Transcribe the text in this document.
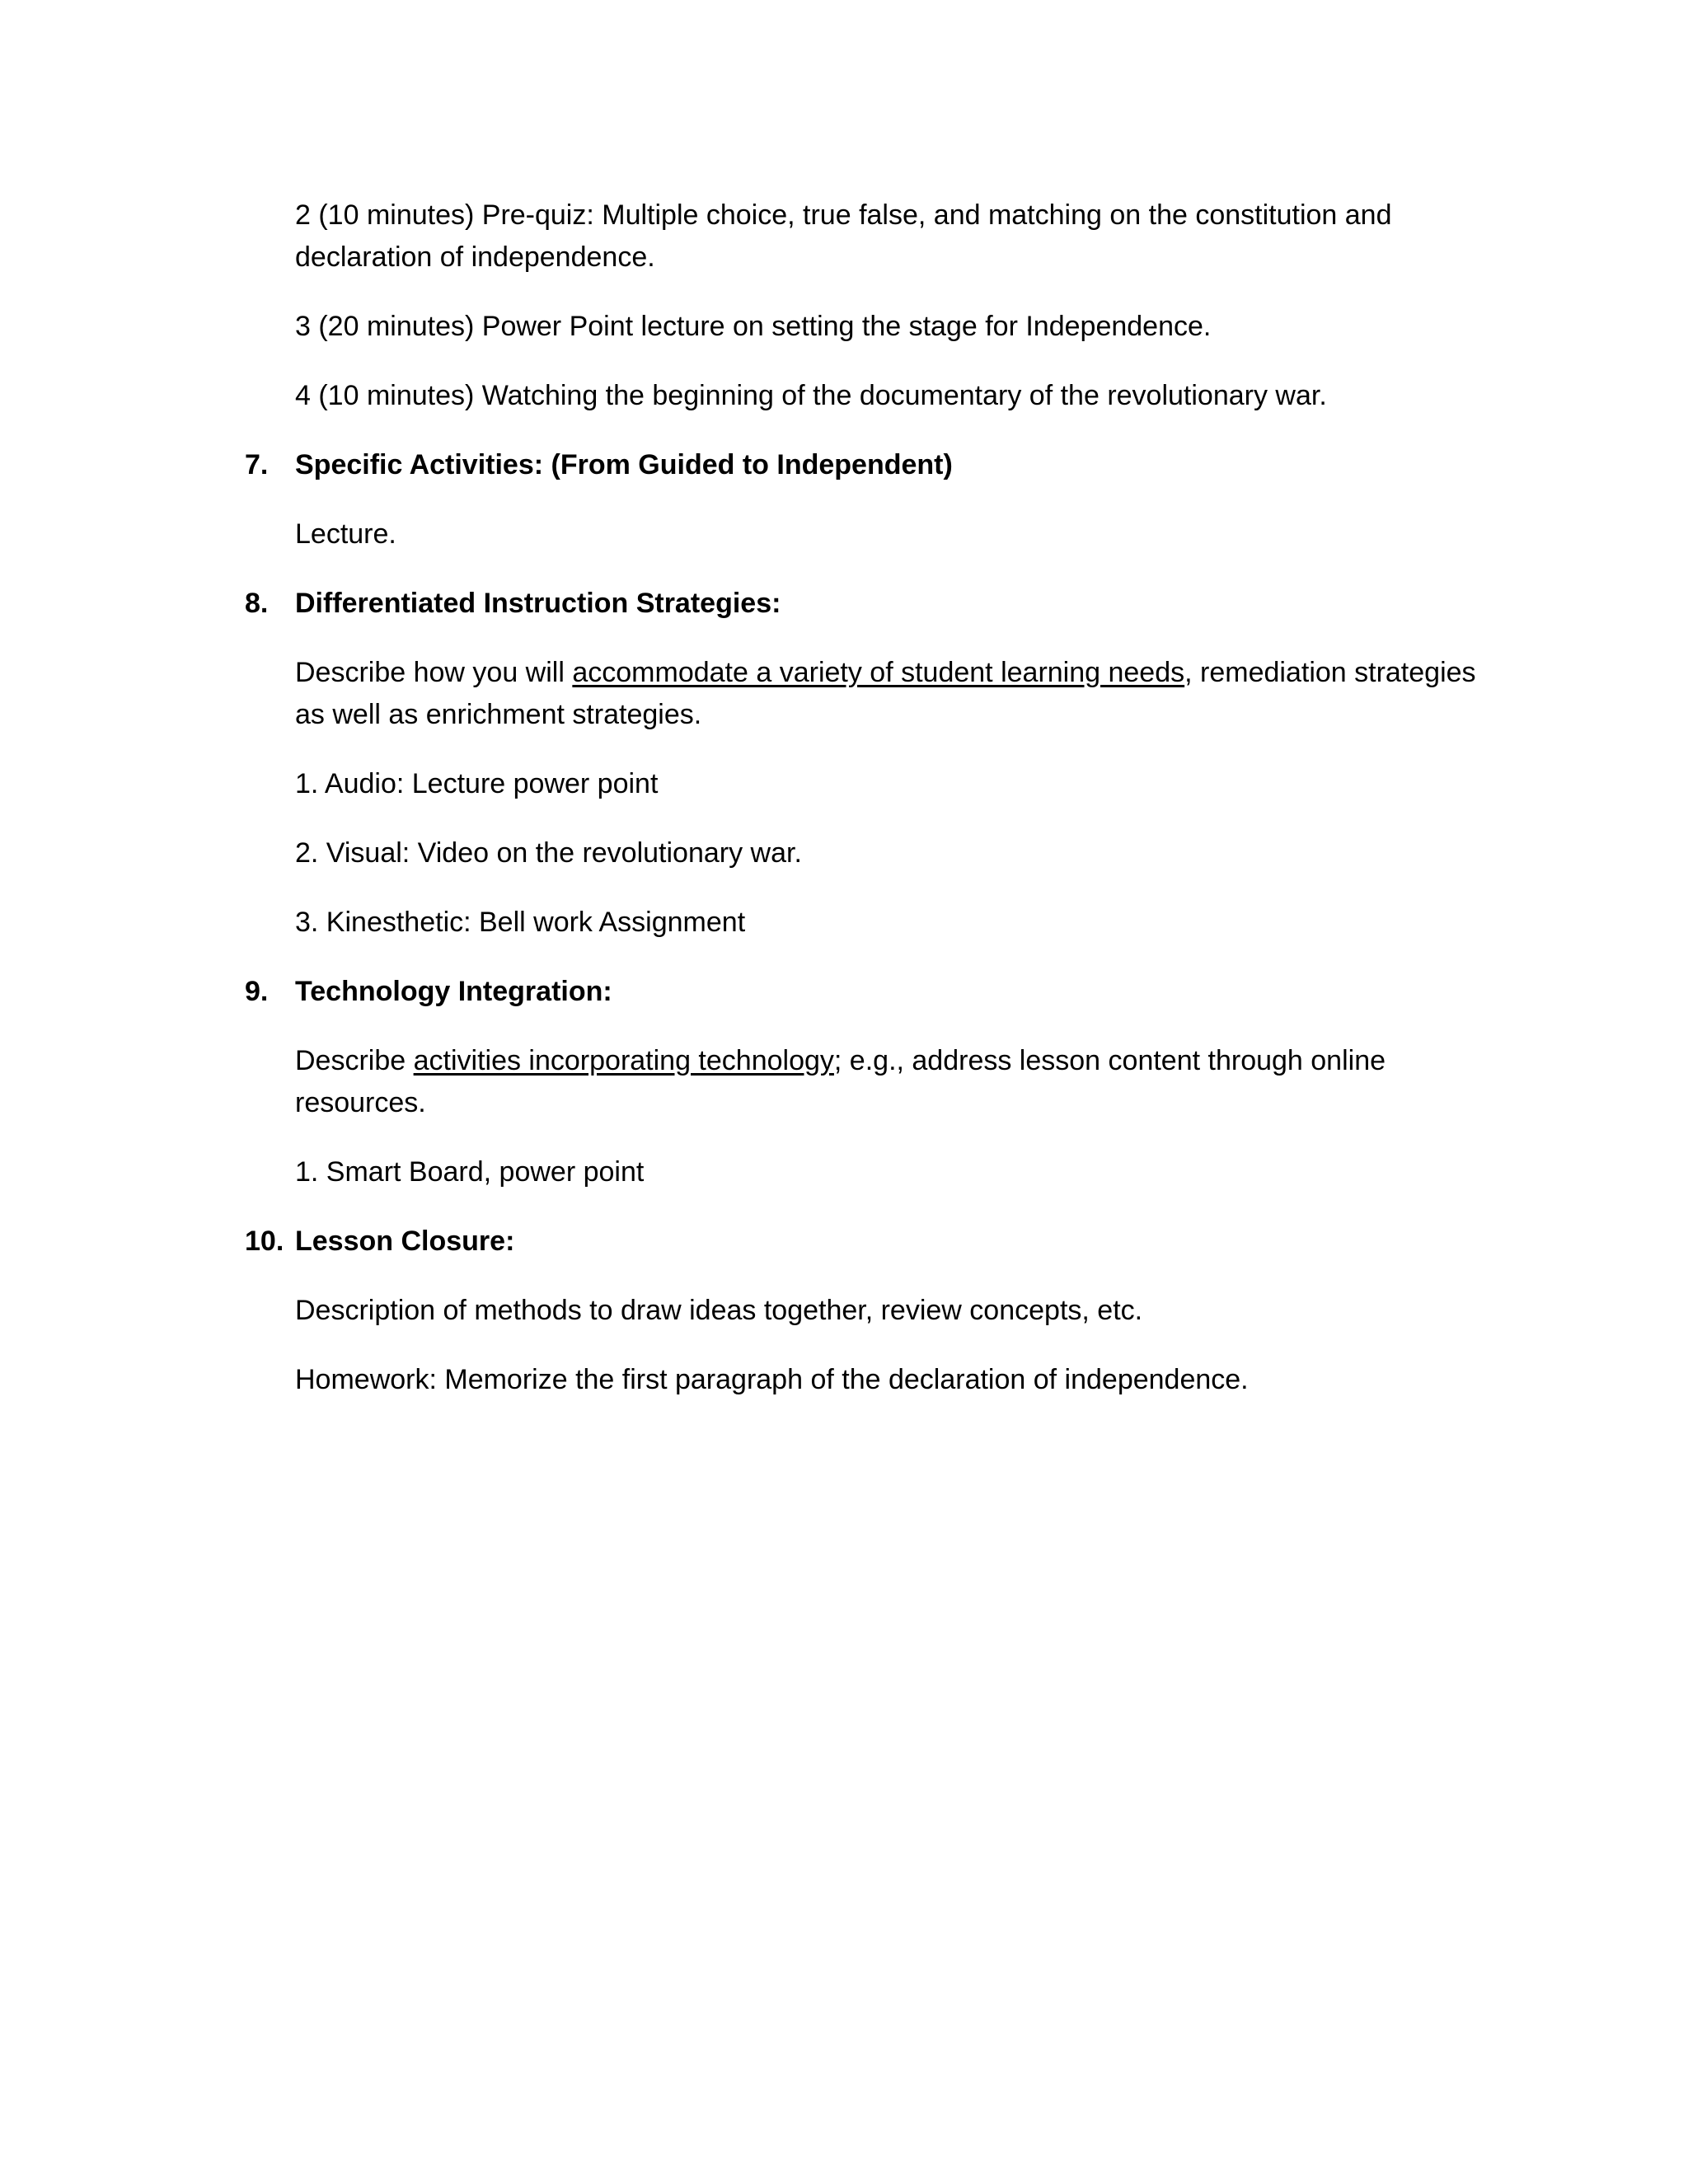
2 (10 minutes) Pre-quiz: Multiple choice, true false, and matching on the constitution and
declaration of independence.
3 (20 minutes) Power Point lecture on setting the stage for Independence.
4 (10 minutes) Watching the beginning of the documentary of the revolutionary war.
7. Specific Activities: (From Guided to Independent)
Lecture.
8. Differentiated Instruction Strategies:
Describe how you will accommodate a variety of student learning needs, remediation strategies
as well as enrichment strategies.
1. Audio: Lecture power point
2. Visual: Video on the revolutionary war.
3. Kinesthetic: Bell work Assignment
9. Technology Integration:
Describe activities incorporating technology; e.g., address lesson content through online
resources.
1. Smart Board, power point
10. Lesson Closure:
Description of methods to draw ideas together, review concepts, etc.
Homework: Memorize the first paragraph of the declaration of independence.
